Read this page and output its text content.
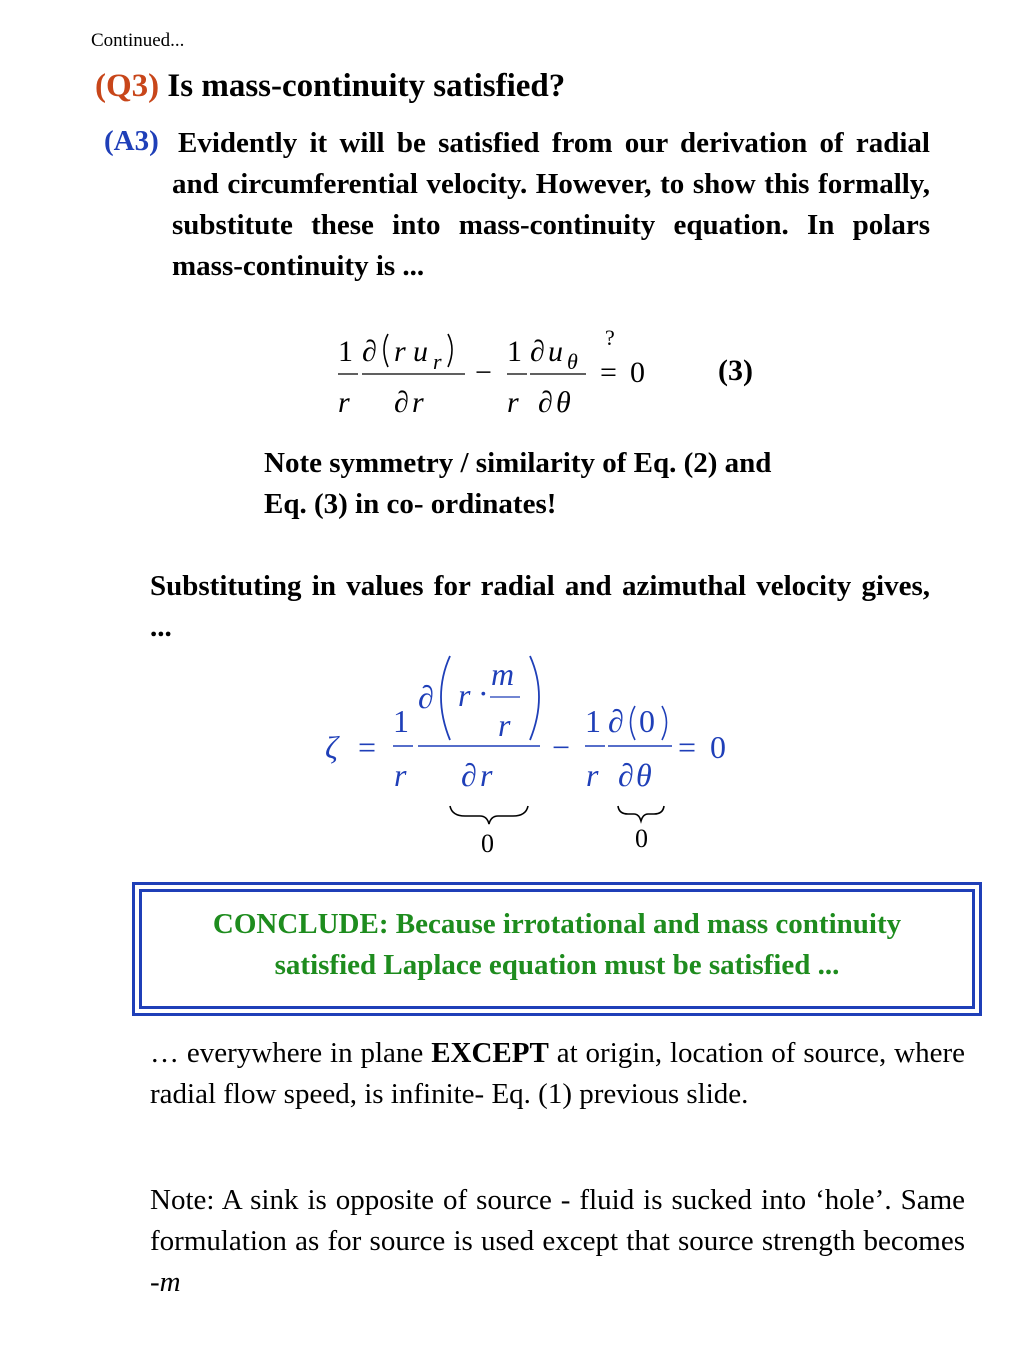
Continued...
(Q3) Is mass-continuity satisfied?
(A3) Evidently it will be satisfied from our derivation of radial and circumferential velocity. However, to show this formally, substitute these into mass-continuity equation. In polars mass-continuity is ...
1
r
∂ r u r
∂ r
−
1
r
∂ u θ
∂ θ
?
= 0 (3)
Note symmetry / similarity of Eq. (2) and Eq. (3) in co- ordinates!
Substituting in values for radial and azimuthal velocity gives, ...
ζ =
1
r
∂ r ·
m
r
∂ r
−
1
r
∂ 0
∂ θ
= 0
0	0
CONCLUDE: Because irrotational and mass continuity
satisfied Laplace equation must be satisfied ...
… everywhere in plane EXCEPT at origin, location of source, where radial flow speed, is infinite- Eq. (1) previous slide.
Note: A sink is opposite of source - fluid is sucked into ‘hole’. Same formulation as for source is used except that source strength becomes -m
